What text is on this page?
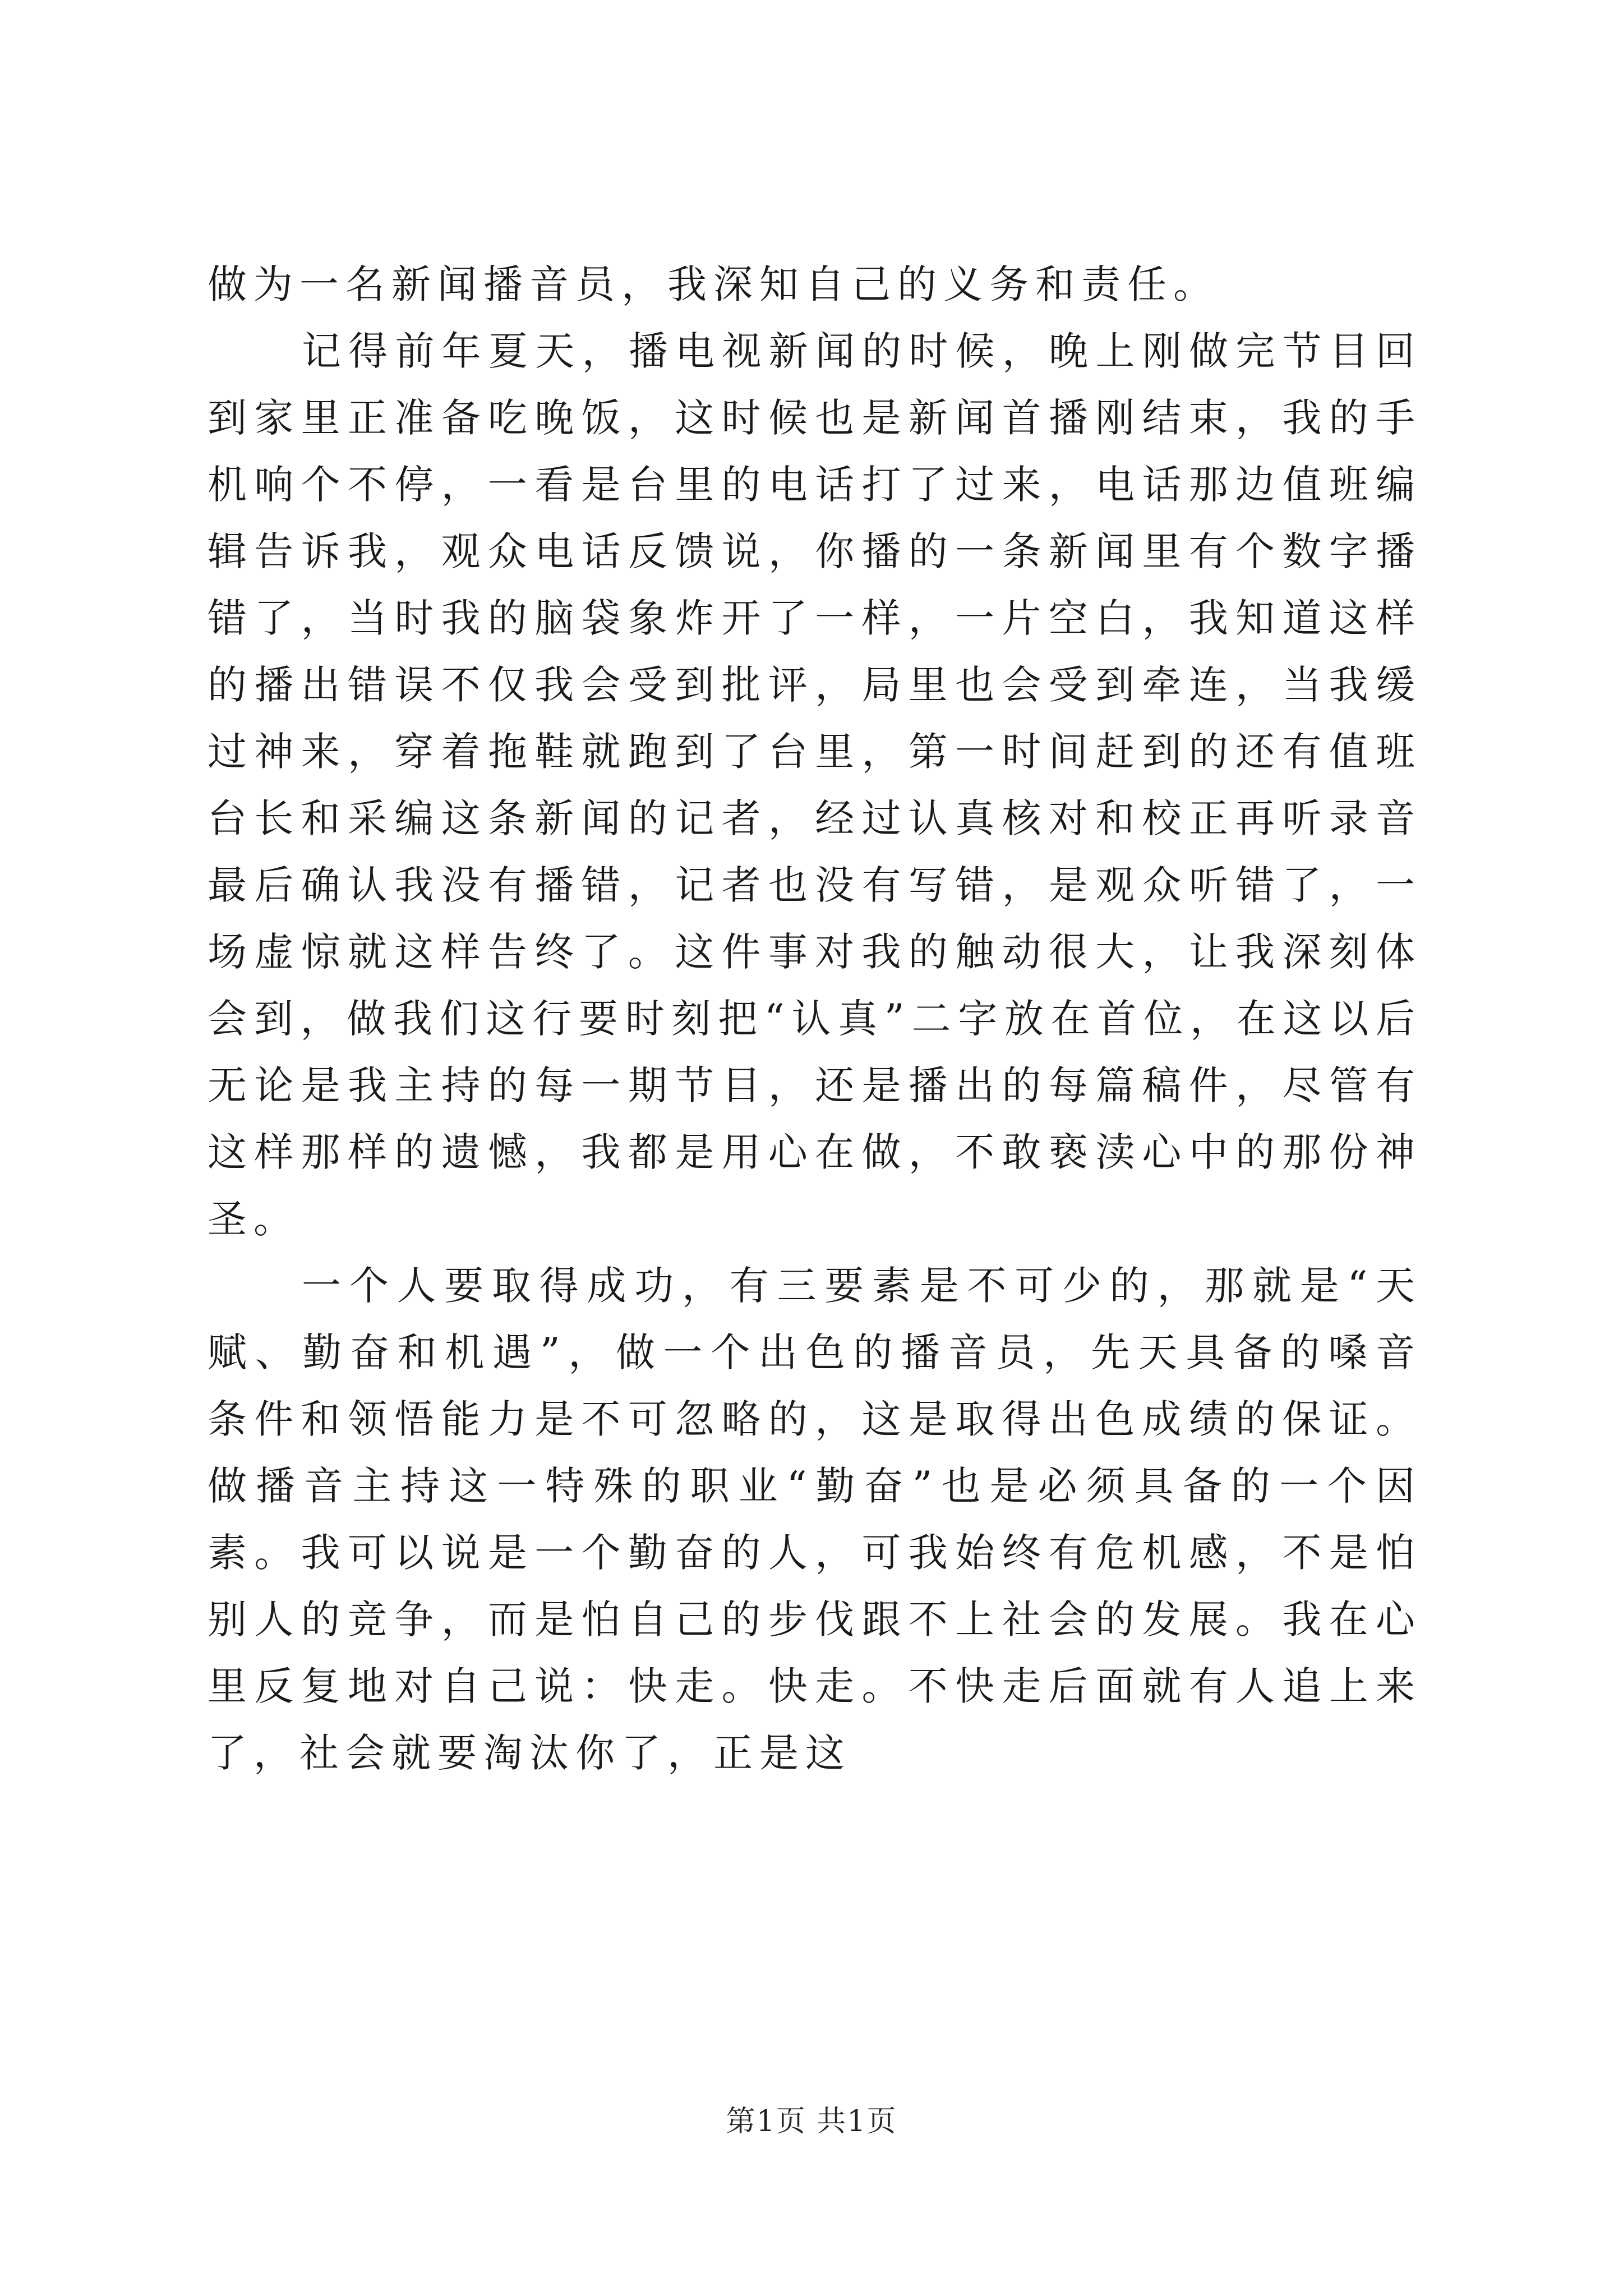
做为一名新闻播音员，我深知自己的义务和责任。

记得前年夏天，播电视新闻的时候，晚上刚做完节目回到家里正准备吃晚饭，这时候也是新闻首播刚结束，我的手机响个不停，一看是台里的电话打了过来，电话那边值班编辑告诉我，观众电话反馈说，你播的一条新闻里有个数字播错了，当时我的脑袋象炸开了一样，一片空白，我知道这样的播出错误不仅我会受到批评，局里也会受到牵连，当我缓过神来，穿着拖鞋就跑到了台里，第一时间赶到的还有值班台长和采编这条新闻的记者，经过认真核对和校正再听录音最后确认我没有播错，记者也没有写错，是观众听错了，一场虚惊就这样告终了。这件事对我的触动很大，让我深刻体会到，做我们这行要时刻把“认真”二字放在首位，在这以后无论是我主持的每一期节目，还是播出的每篇稿件，尽管有这样那样的遗憾，我都是用心在做，不敢亵渎心中的那份神圣。

一个人要取得成功，有三要素是不可少的，那就是“天赋、勤奋和机遇”，做一个出色的播音员，先天具备的嗓音条件和领悟能力是不可忽略的，这是取得出色成绩的保证。做播音主持这一特殊的职业“勤奋”也是必须具备的一个因素。我可以说是一个勤奋的人，可我始终有危机感，不是怕别人的竞争，而是怕自己的步伐跟不上社会的发展。我在心里反复地对自己说：快走。快走。不快走后面就有人追上来了，社会就要淘汰你了，正是这

第1页 共1页
